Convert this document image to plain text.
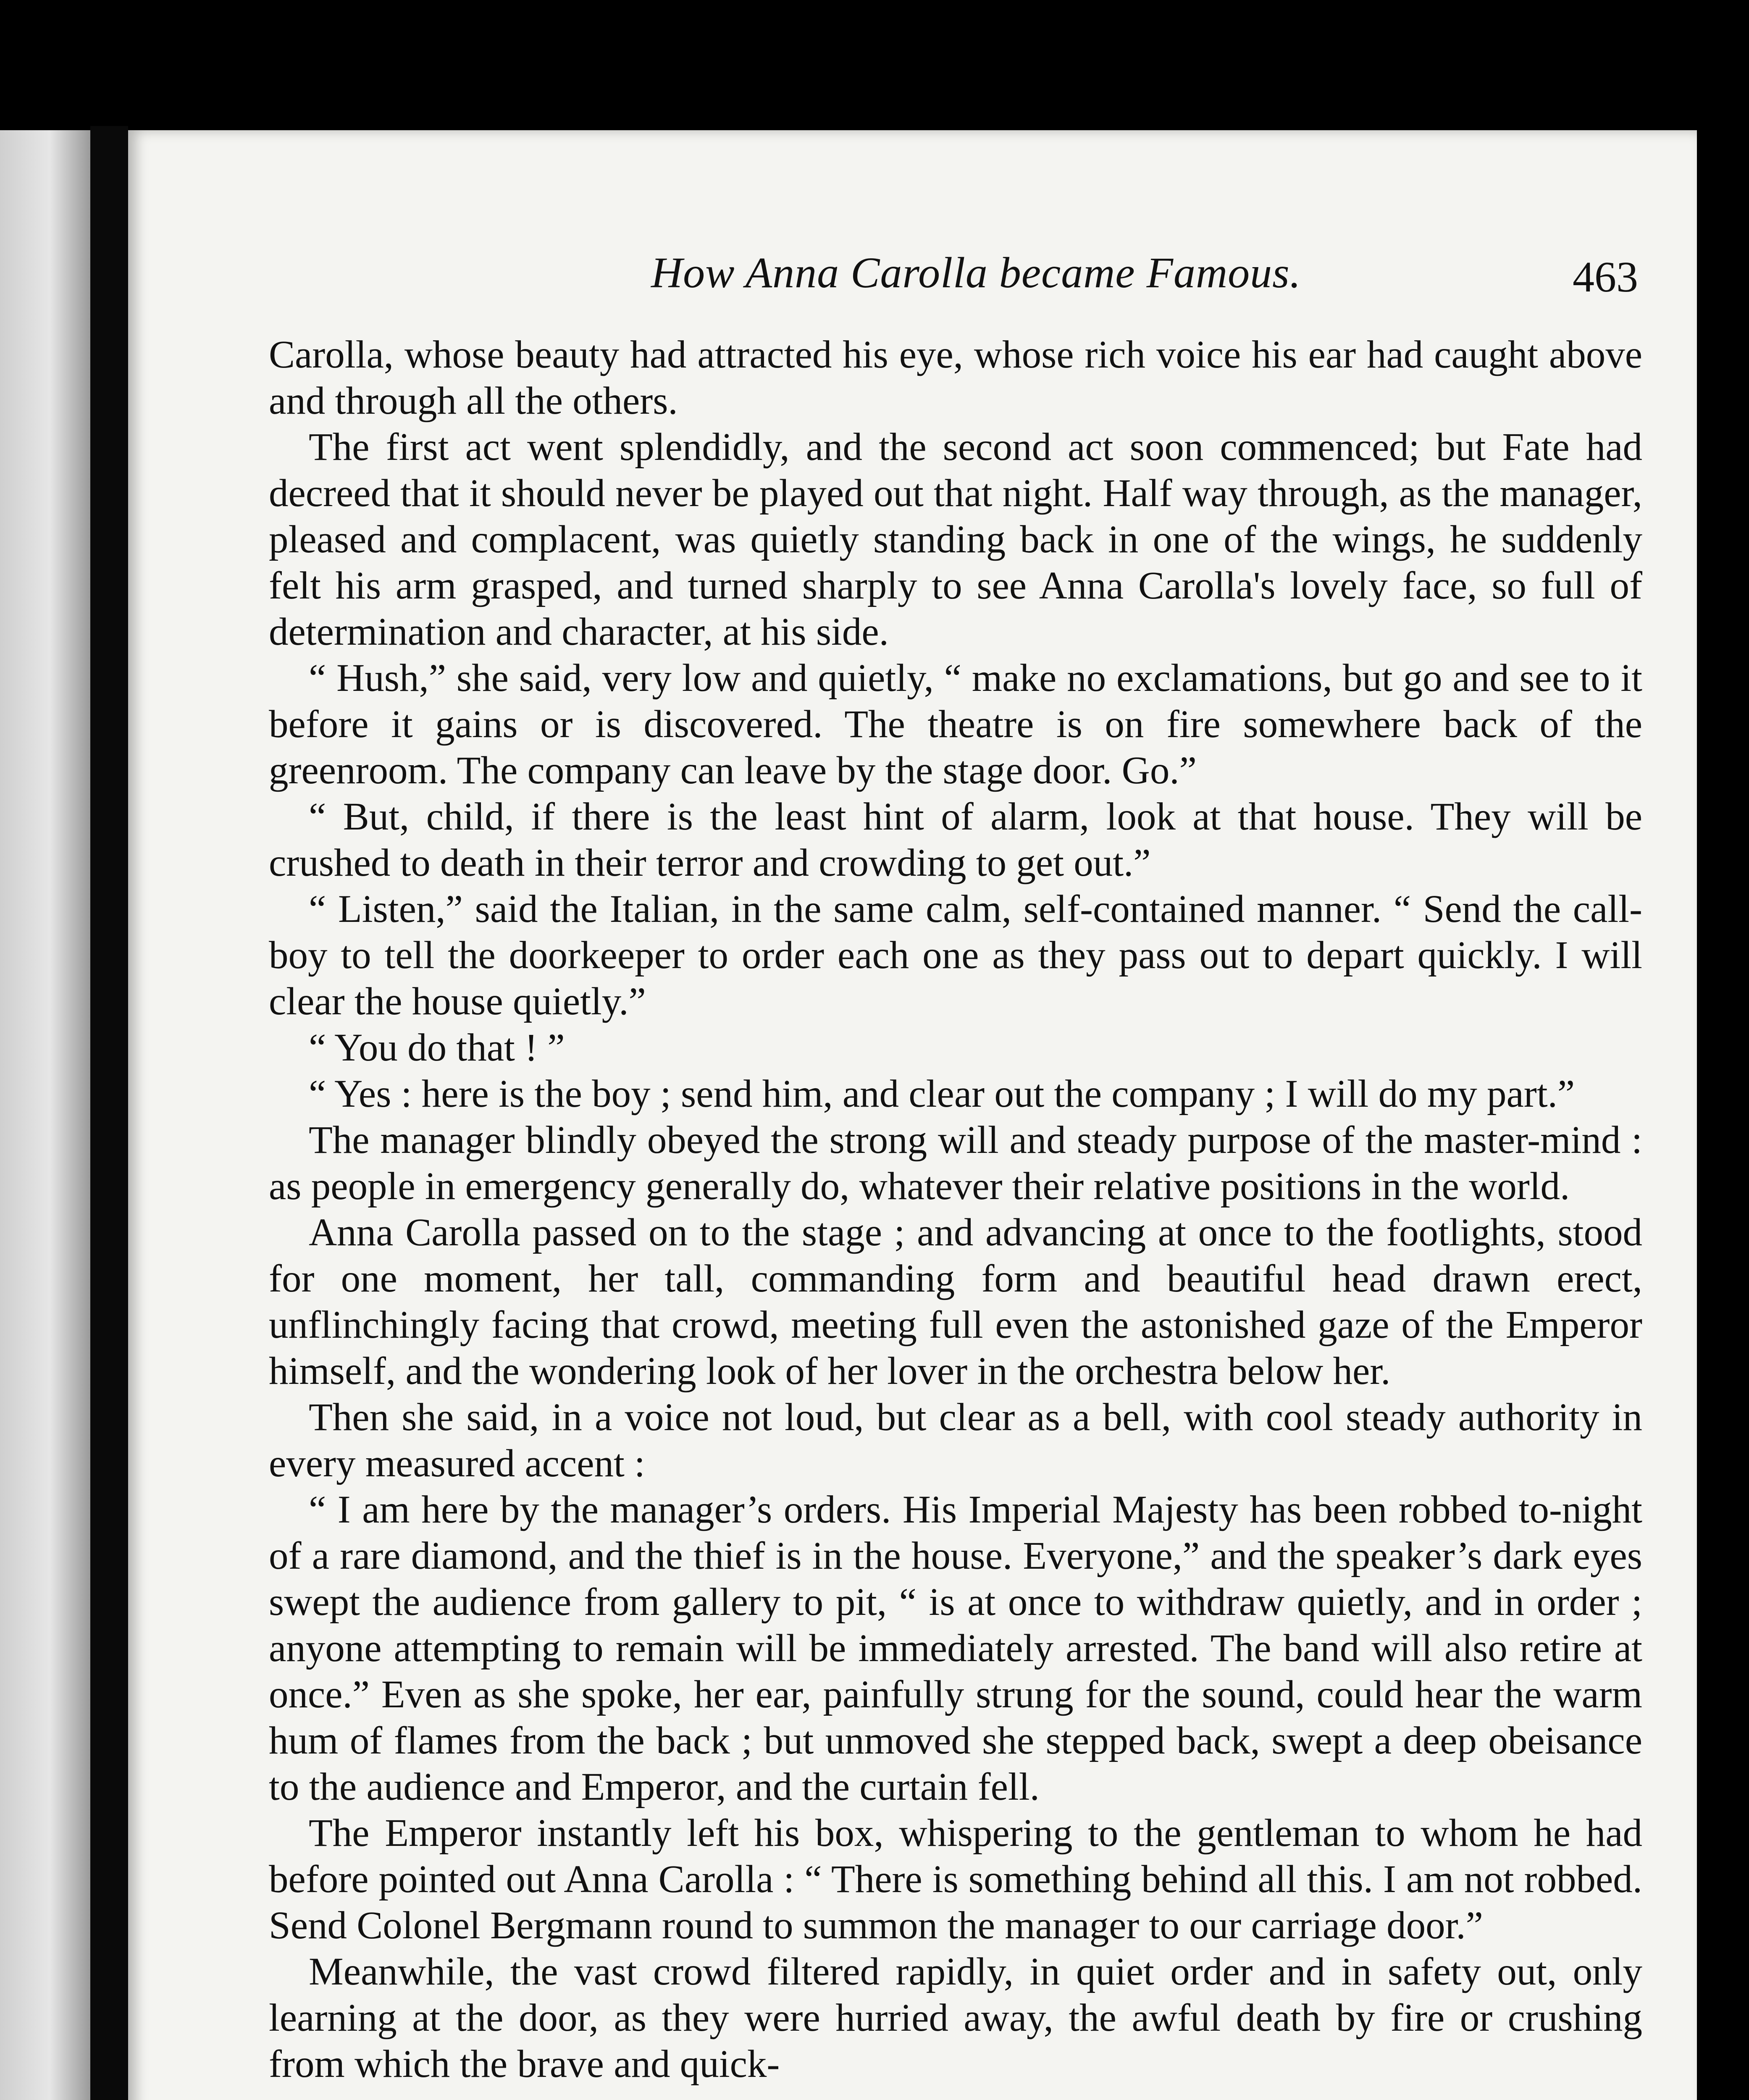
How Anna Carolla became Famous.	463

Carolla, whose beauty had attracted his eye, whose rich voice his ear had caught above and through all the others.

The first act went splendidly, and the second act soon commenced; but Fate had decreed that it should never be played out that night. Half way through, as the manager, pleased and complacent, was quietly standing back in one of the wings, he suddenly felt his arm grasped, and turned sharply to see Anna Carolla's lovely face, so full of determination and character, at his side.

“ Hush,” she said, very low and quietly, “ make no exclamations, but go and see to it before it gains or is discovered. The theatre is on fire somewhere back of the greenroom. The company can leave by the stage door. Go.”

“ But, child, if there is the least hint of alarm, look at that house. They will be crushed to death in their terror and crowding to get out.”

“ Listen,” said the Italian, in the same calm, self-contained manner. “ Send the call-boy to tell the doorkeeper to order each one as they pass out to depart quickly. I will clear the house quietly.”

“ You do that ! ”

“ Yes : here is the boy ; send him, and clear out the company ; I will do my part.”

The manager blindly obeyed the strong will and steady purpose of the master-mind : as people in emergency generally do, whatever their relative positions in the world.

Anna Carolla passed on to the stage ; and advancing at once to the footlights, stood for one moment, her tall, commanding form and beautiful head drawn erect, unflinchingly facing that crowd, meeting full even the astonished gaze of the Emperor himself, and the wondering look of her lover in the orchestra below her.

Then she said, in a voice not loud, but clear as a bell, with cool steady authority in every measured accent :

“ I am here by the manager’s orders. His Imperial Majesty has been robbed to-night of a rare diamond, and the thief is in the house. Everyone,” and the speaker’s dark eyes swept the audience from gallery to pit, “ is at once to withdraw quietly, and in order ; anyone attempting to remain will be immediately arrested. The band will also retire at once.” Even as she spoke, her ear, painfully strung for the sound, could hear the warm hum of flames from the back ; but unmoved she stepped back, swept a deep obeisance to the audience and Emperor, and the curtain fell.

The Emperor instantly left his box, whispering to the gentleman to whom he had before pointed out Anna Carolla : “ There is something behind all this. I am not robbed. Send Colonel Bergmann round to summon the manager to our carriage door.”

Meanwhile, the vast crowd filtered rapidly, in quiet order and in safety out, only learning at the door, as they were hurried away, the awful death by fire or crushing from which the brave and quick-
